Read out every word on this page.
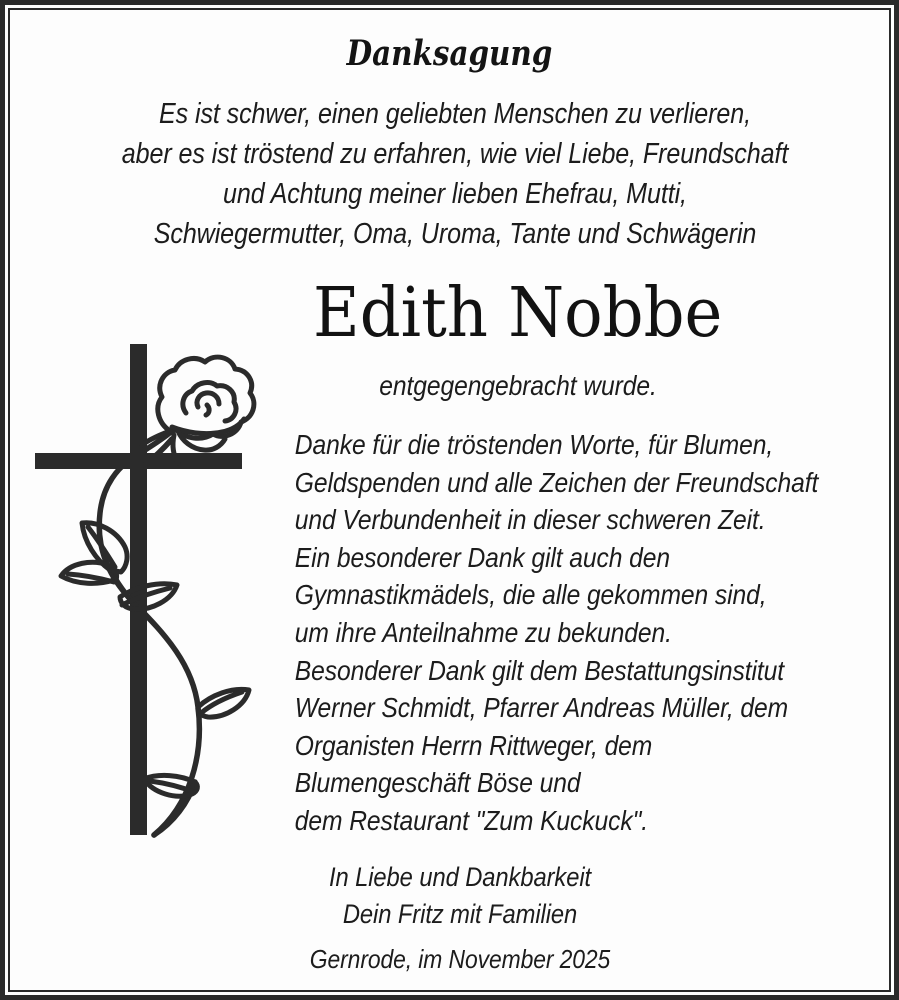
Danksagung
Es ist schwer, einen geliebten Menschen zu verlieren,
aber es ist tröstend zu erfahren, wie viel Liebe, Freundschaft
und Achtung meiner lieben Ehefrau, Mutti,
Schwiegermutter, Oma, Uroma, Tante und Schwägerin
Edith Nobbe
entgegengebracht wurde.
Danke für die tröstenden Worte, für Blumen,
Geldspenden und alle Zeichen der Freundschaft
und Verbundenheit in dieser schweren Zeit.
Ein besonderer Dank gilt auch den
Gymnastikmädels, die alle gekommen sind,
um ihre Anteilnahme zu bekunden.
Besonderer Dank gilt dem Bestattungsinstitut
Werner Schmidt, Pfarrer Andreas Müller, dem
Organisten Herrn Rittweger, dem
Blumengeschäft Böse und
dem Restaurant "Zum Kuckuck".
In Liebe und Dankbarkeit
Dein Fritz mit Familien
Gernrode, im November 2025
